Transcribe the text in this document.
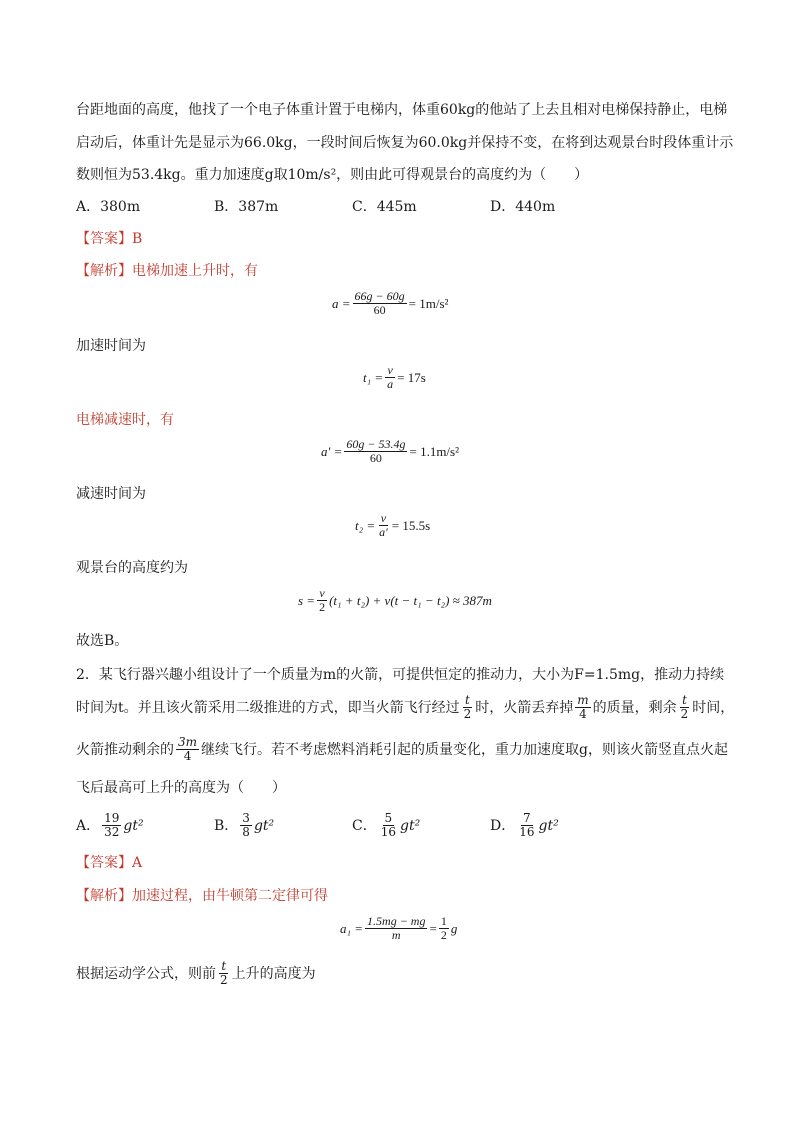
台距地面的高度，他找了一个电子体重计置于电梯内，体重60kg的他站了上去且相对电梯保持静止，电梯
启动后，体重计先是显示为66.0kg，一段时间后恢复为60.0kg并保持不变，在将到达观景台时段体重计示
数则恒为53.4kg。重力加速度g取10m/s²，则由此可得观景台的高度约为（　　）
A．380m	B．387m	C．445m	D．440m
【答案】B
【解析】电梯加速上升时，有
$a = \frac{66g - 60g}{60} = 1m/s^2$
加速时间为
$t_1 = \frac{v}{a} = 17s$
电梯减速时，有
$a' = \frac{60g - 53.4g}{60} = 1.1m/s^2$
减速时间为
$t_2 = \frac{v}{a'} = 15.5s$
观景台的高度约为
$s = \frac{v}{2} (t_1 + t_2) + v(t - t_1 - t_2) \approx 387m$
故选B。
2．某飞行器兴趣小组设计了一个质量为m的火箭，可提供恒定的推动力，大小为F=1.5mg，推动力持续
时间为t。并且该火箭采用二级推进的方式，即当火箭飞行经过 $\frac{t}{2}$ 时，火箭丢弃掉 $\frac{m}{4}$ 的质量，剩余 $\frac{t}{2}$ 时间，
火箭推动剩余的 $\frac{3m}{4}$ 继续飞行。若不考虑燃料消耗引起的质量变化，重力加速度取g，则该火箭竖直点火起
飞后最高可上升的高度为（　　）
A． $\frac{19}{32} gt^2$	B． $\frac{3}{8} gt^2$	C． $\frac{5}{16} gt^2$	D． $\frac{7}{16} gt^2$
【答案】A
【解析】加速过程，由牛顿第二定律可得
$a_1 = \frac{1.5mg - mg}{m} = \frac{1}{2}$ g
根据运动学公式，则前 $\frac{t}{2}$ 上升的高度为
